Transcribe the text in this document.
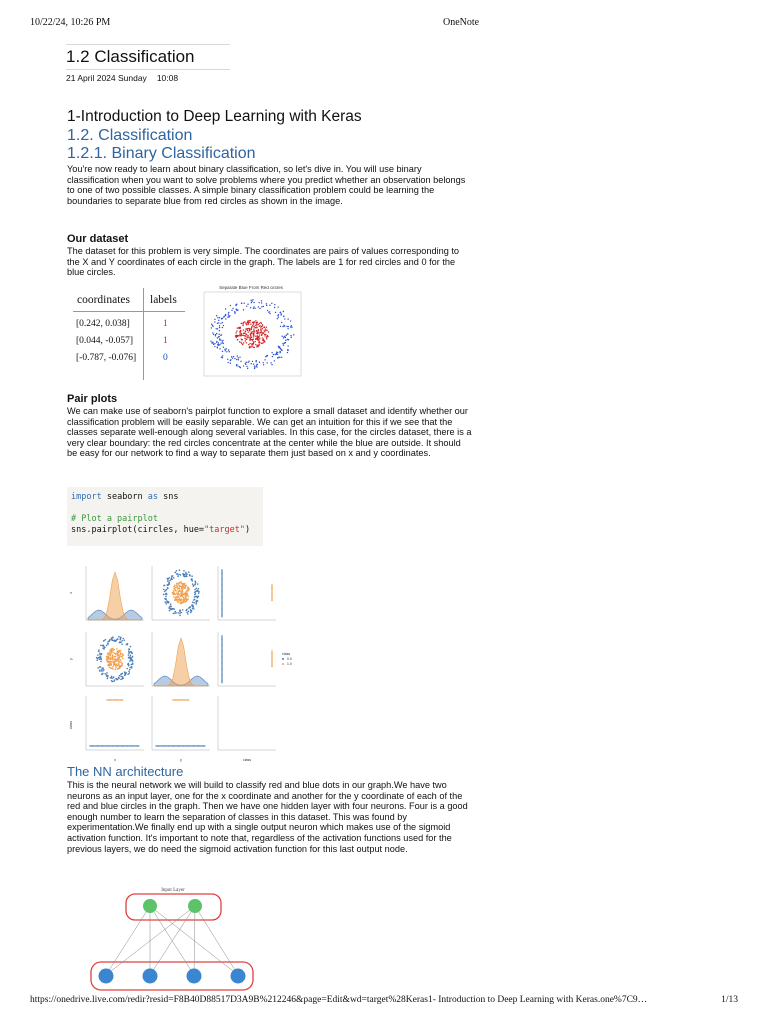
10/22/24, 10:26 PM	OneNote
1.2 Classification
21 April 2024 Sunday 10:08
1-Introduction to Deep Learning with Keras
1.2. Classification
1.2.1. Binary Classification
You're now ready to learn about binary classification, so let's dive in. You will use binary classification when you want to solve problems where you predict whether an observation belongs to one of two possible classes. A simple binary classification problem could be learning the boundaries to separate blue from red circles as shown in the image.
Our dataset
The dataset for this problem is very simple. The coordinates are pairs of values corresponding to the X and Y coordinates of each circle in the graph. The labels are 1 for red circles and 0 for the blue circles.
coordinates labels
[0.242, 0.038]	1
[0.044, -0.057]	1
[-0.787, -0.076]	0
Separate Blue From Red circles
Pair plots
We can make use of seaborn's pairplot function to explore a small dataset and identify whether our classification problem will be easily separable. We can get an intuition for this if we see that the classes separate well-enough along several variables. In this case, for the circles dataset, there is a very clear boundary: the red circles concentrate at the center while the blue are outside. It should be easy for our network to find a way to separate them just based on x and y coordinates.
import seaborn as sns
# Plot a pairplot
sns.pairplot(circles, hue="target")
x
x
y
y
class
class
class
0.0
1.0
The NN architecture
This is the neural network we will build to classify red and blue dots in our graph.We have two neurons as an input layer, one for the x coordinate and another for the y coordinate of each of the red and blue circles in the graph. Then we have one hidden layer with four neurons. Four is a good enough number to learn the separation of classes in this dataset. This was found by experimentation.We finally end up with a single output neuron which makes use of the sigmoid activation function. It's important to note that, regardless of the activation functions used for the previous layers, we do need the sigmoid activation function for this last output node.
Input Layer
https://onedrive.live.com/redir?resid=F8B40D88517D3A9B%212246&page=Edit&wd=target%28Keras1- Introduction to Deep Learning with Keras.one%7C9…	1/13
